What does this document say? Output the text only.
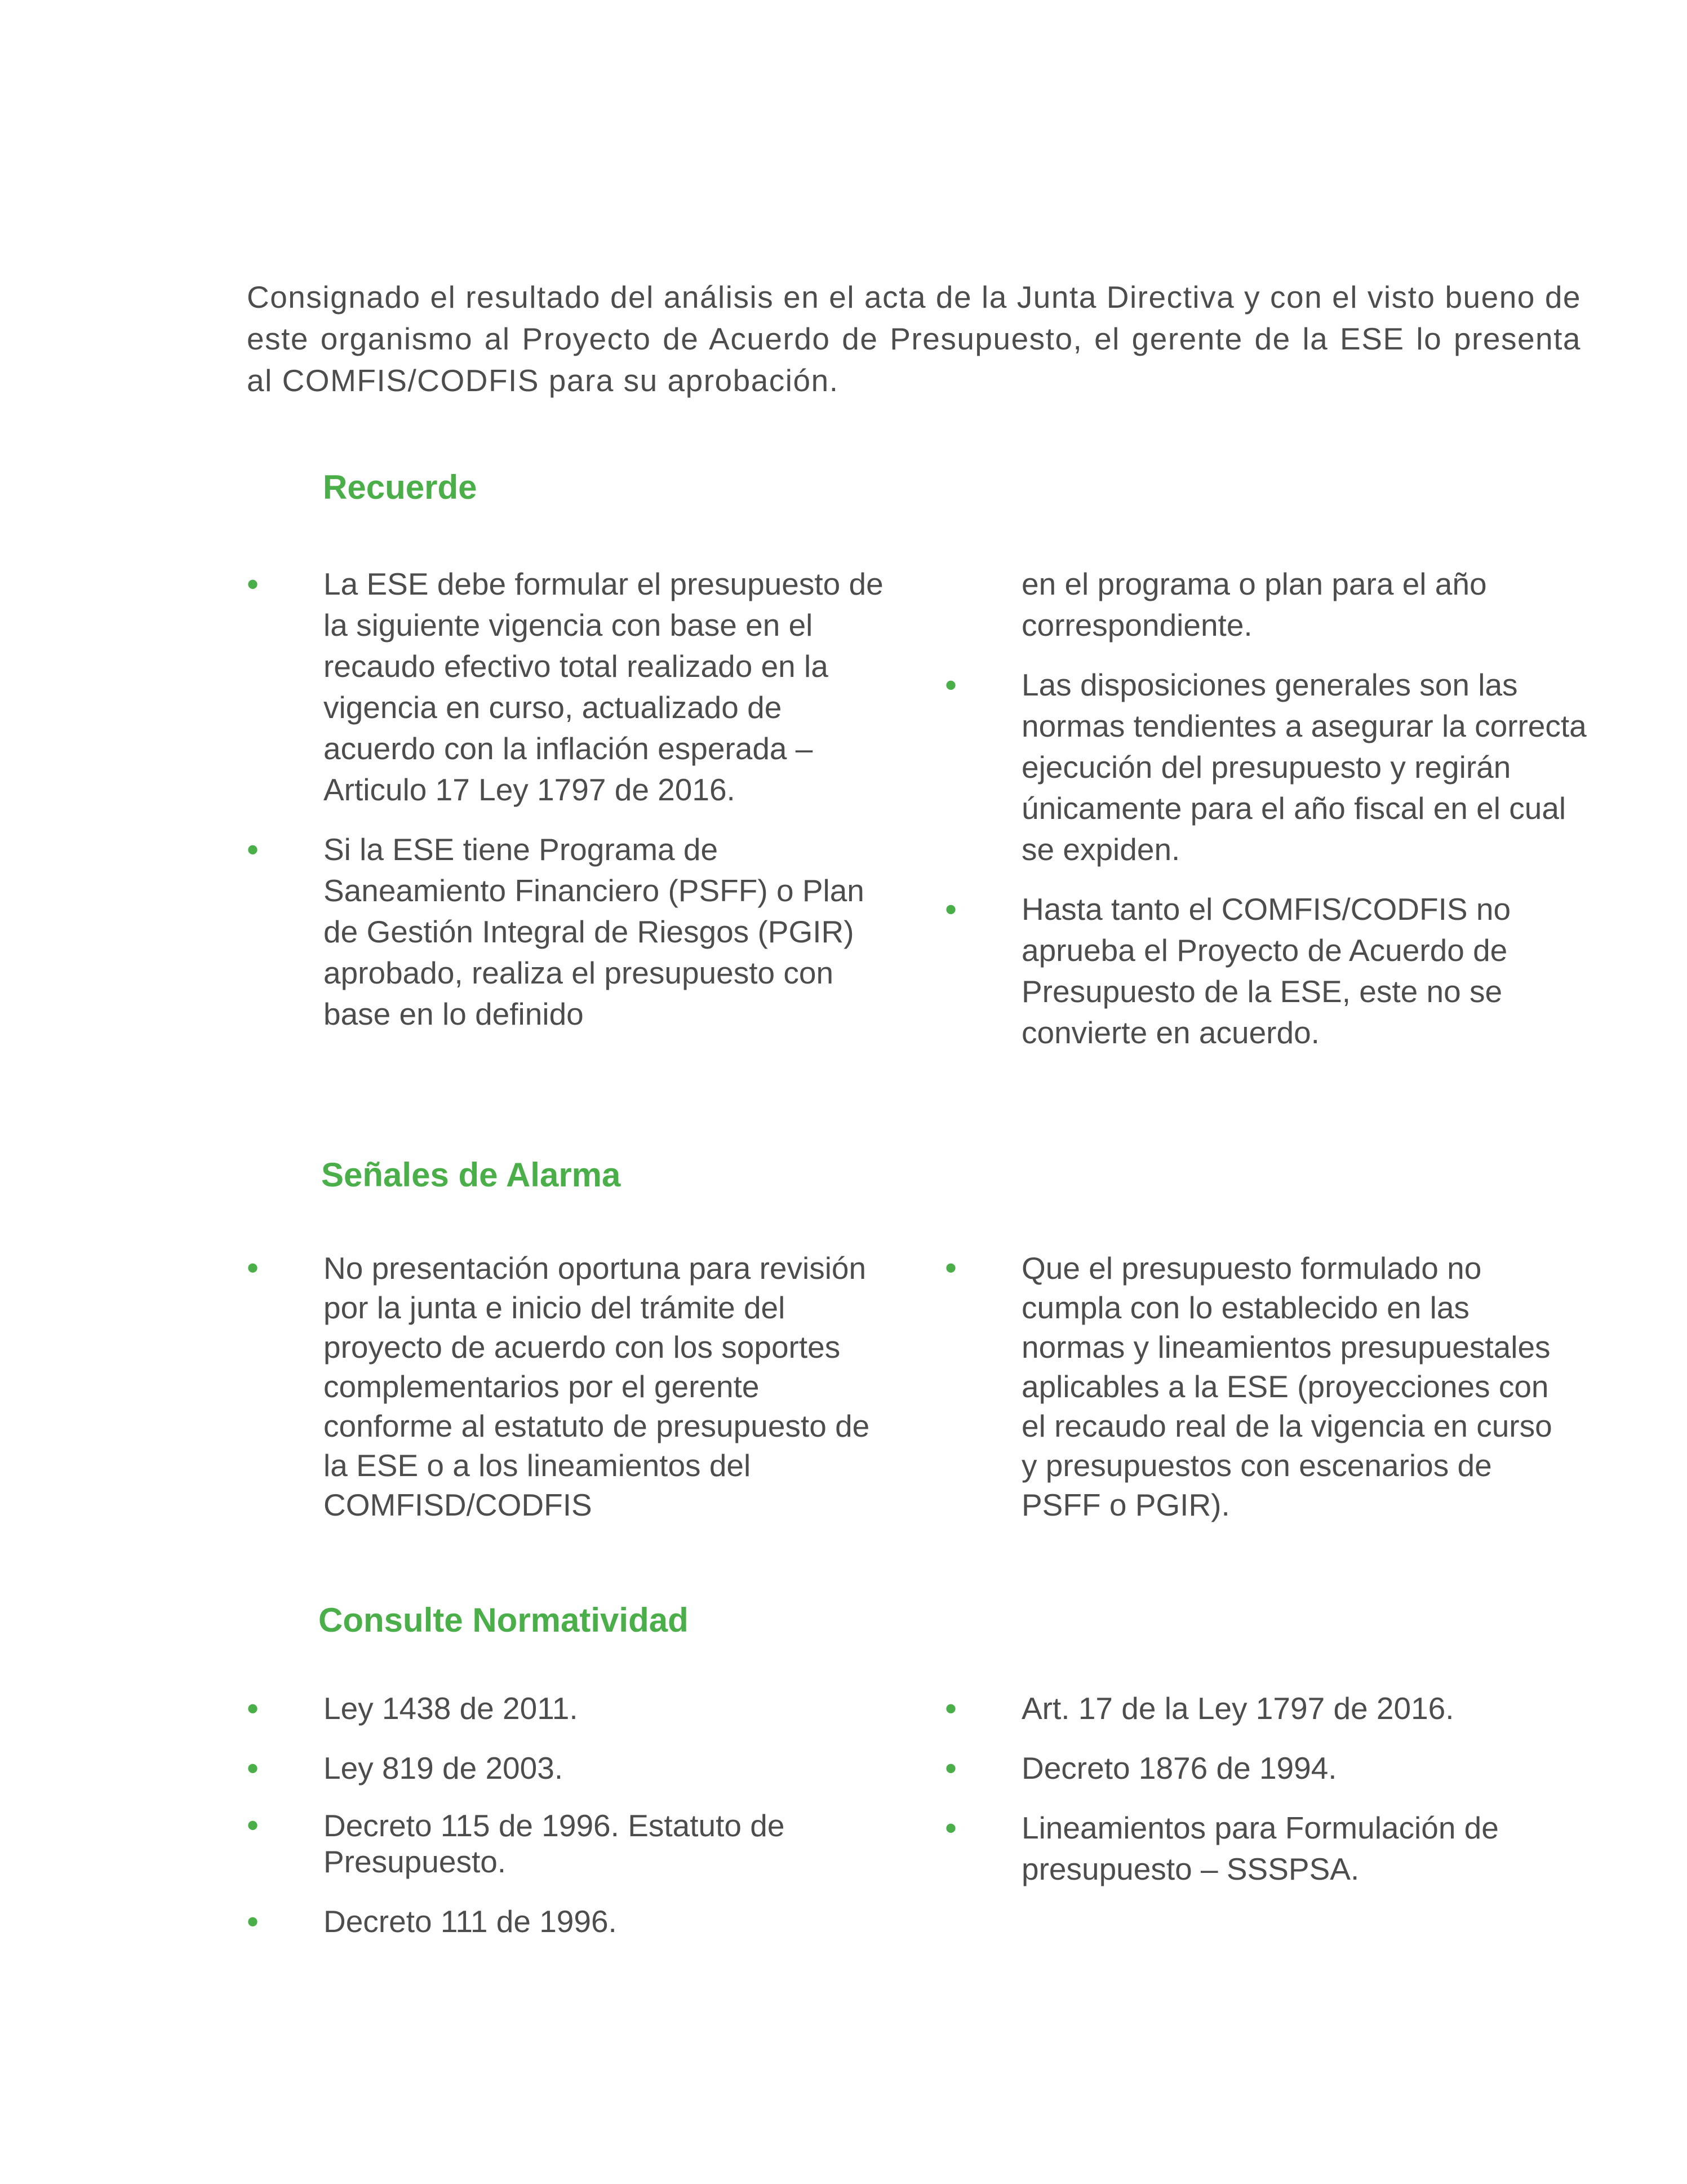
Consignado el resultado del análisis en el acta de la Junta Directiva y con el visto bueno de este organismo al Proyecto de Acuerdo de Presupuesto, el gerente de la ESE lo presenta al COMFIS/CODFIS para su aprobación.

Recuerde
•	La ESE debe formular el presupuesto de la siguiente vigencia con base en el recaudo efectivo total realizado en la vigencia en curso, actualizado de acuerdo con la inflación esperada – Articulo 17 Ley 1797 de 2016.
•	Si la ESE tiene Programa de Saneamiento Financiero (PSFF) o Plan de Gestión Integral de Riesgos (PGIR) aprobado, realiza el presupuesto con base en lo definido
en el programa o plan para el año correspondiente.
•	Las disposiciones generales son las normas tendientes a asegurar la correcta ejecución del presupuesto y regirán únicamente para el año fiscal en el cual se expiden.
•	Hasta tanto el COMFIS/CODFIS no aprueba el Proyecto de Acuerdo de Presupuesto de la ESE, este no se convierte en acuerdo.
Señales de Alarma
•	No presentación oportuna para revisión por la junta e inicio del trámite del proyecto de acuerdo con los soportes complementarios por el gerente conforme al estatuto de presupuesto de la ESE o a los lineamientos del COMFISD/CODFIS
•	Que el presupuesto formulado no cumpla con lo establecido en las normas y lineamientos presupuestales aplicables a la ESE (proyecciones con el recaudo real de la vigencia en curso y presupuestos con escenarios de PSFF o PGIR).
Consulte Normatividad
•	Ley 1438 de 2011.
•	Ley 819 de 2003.
•	Decreto 115 de 1996. Estatuto de Presupuesto.
•	Decreto 111 de 1996.
•	Art. 17 de la Ley 1797 de 2016.
•	Decreto 1876 de 1994.
•	Lineamientos para Formulación de presupuesto – SSSPSA.
